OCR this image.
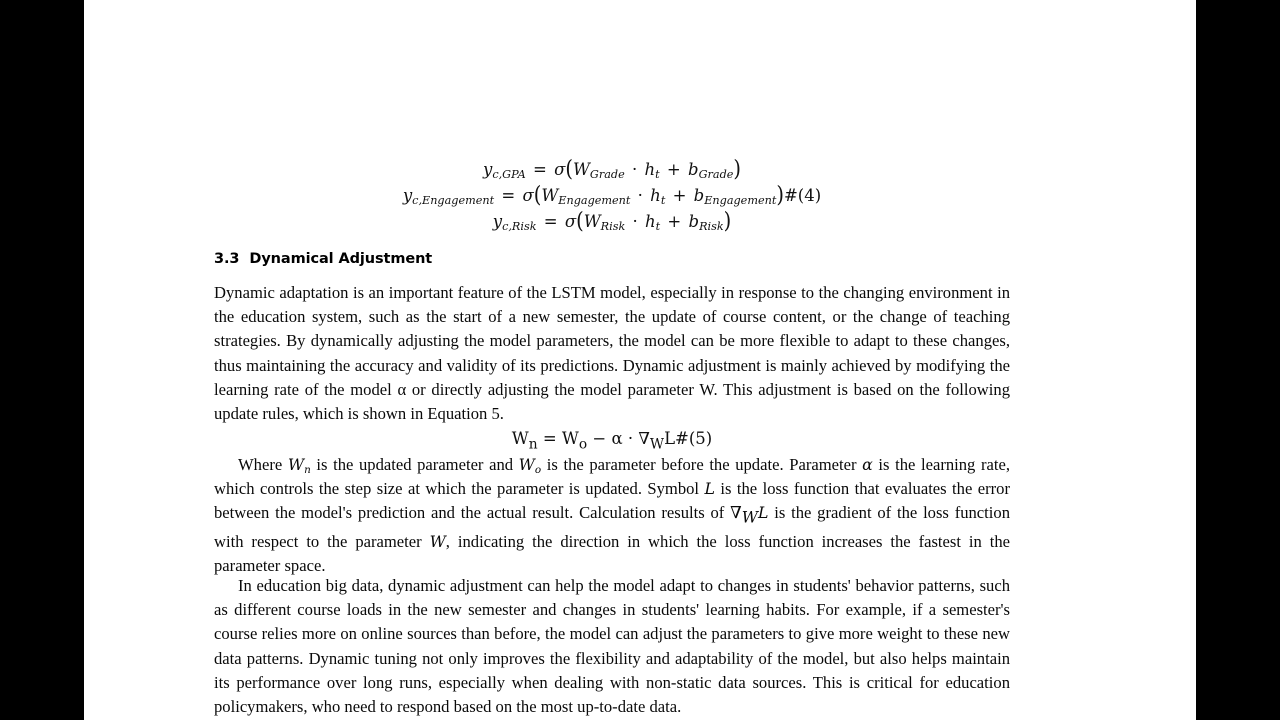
$y_{c,GPA} = \sigma(W_{Grade} \cdot h_t + b_{Grade})$
$y_{c,Engagement} = \sigma(W_{Engagement} \cdot h_t$ + $b_{Engagement})\#(4)$
$y_{c,Risk} = \sigma(W_{Risk} \cdot h_t + b_{Risk})$
3.3 Dynamical Adjustment
Dynamic adaptation is an important feature of the LSTM model, especially in response to the changing environment in the education system, such as the start of a new semester, the update of course content, or the change of teaching strategies. By dynamically adjusting the model parameters, the model can be more flexible to adapt to these changes, thus maintaining the accuracy and validity of its predictions. Dynamic adjustment is mainly achieved by modifying the learning rate of the model α or directly adjusting the model parameter W. This adjustment is based on the following update rules, which is shown in Equation 5.
$W_n = W_o - \alpha$ · $\nabla_WL\#(5)$
Where $W_n$ is the updated parameter and $W_o$ is the parameter before the update. Parameter α is the learning rate, which controls the step size at which the parameter is updated. Symbol L is the loss function that evaluates the error between the model's prediction and the actual result. Calculation results of $\nabla_WL$ is the gradient of the loss function with respect to the parameter W, indicating the direction in which the loss function increases the fastest in the parameter space.
In education big data, dynamic adjustment can help the model adapt to changes in students' behavior patterns, such as different course loads in the new semester and changes in students' learning habits. For example, if a semester's course relies more on online sources than before, the model can adjust the parameters to give more weight to these new data patterns. Dynamic tuning not only improves the flexibility and adaptability of the model, but also helps maintain its performance over long runs, especially when dealing with non-static data sources. This is critical for education policymakers, who need to respond based on the most up-to-date data.
